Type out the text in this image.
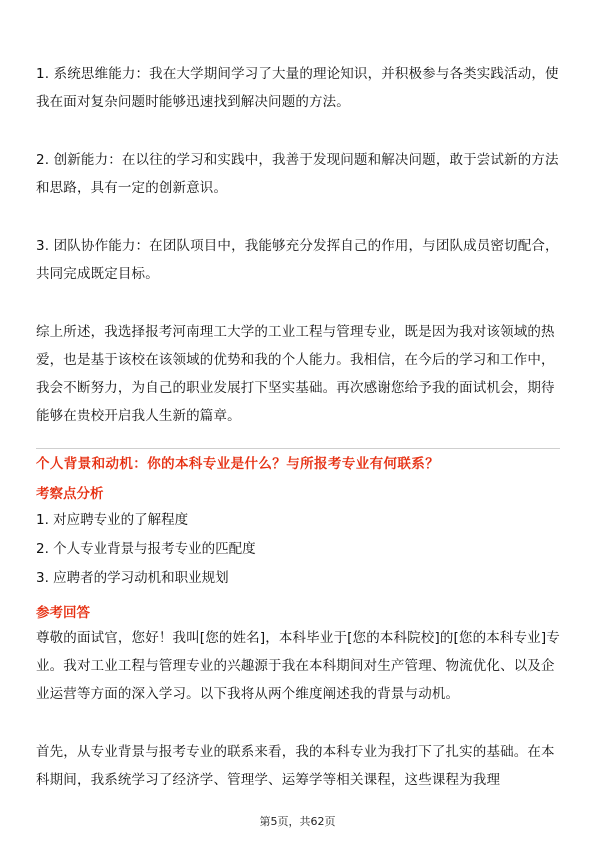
1. 系统思维能力：我在大学期间学习了大量的理论知识，并积极参与各类实践活动，使我在面对复杂问题时能够迅速找到解决问题的方法。

2. 创新能力：在以往的学习和实践中，我善于发现问题和解决问题，敢于尝试新的方法和思路，具有一定的创新意识。

3. 团队协作能力：在团队项目中，我能够充分发挥自己的作用，与团队成员密切配合，共同完成既定目标。

综上所述，我选择报考河南理工大学的工业工程与管理专业，既是因为我对该领域的热爱，也是基于该校在该领域的优势和我的个人能力。我相信，在今后的学习和工作中，我会不断努力，为自己的职业发展打下坚实基础。再次感谢您给予我的面试机会，期待能够在贵校开启我人生新的篇章。

个人背景和动机：你的本科专业是什么？与所报考专业有何联系？

考察点分析

1. 对应聘专业的了解程度

2. 个人专业背景与报考专业的匹配度

3. 应聘者的学习动机和职业规划

参考回答

尊敬的面试官，您好！我叫[您的姓名]，本科毕业于[您的本科院校]的[您的本科专业]专业。我对工业工程与管理专业的兴趣源于我在本科期间对生产管理、物流优化、以及企业运营等方面的深入学习。以下我将从两个维度阐述我的背景与动机。

首先，从专业背景与报考专业的联系来看，我的本科专业为我打下了扎实的基础。在本科期间，我系统学习了经济学、管理学、运筹学等相关课程，这些课程为我理

第5页，共62页
